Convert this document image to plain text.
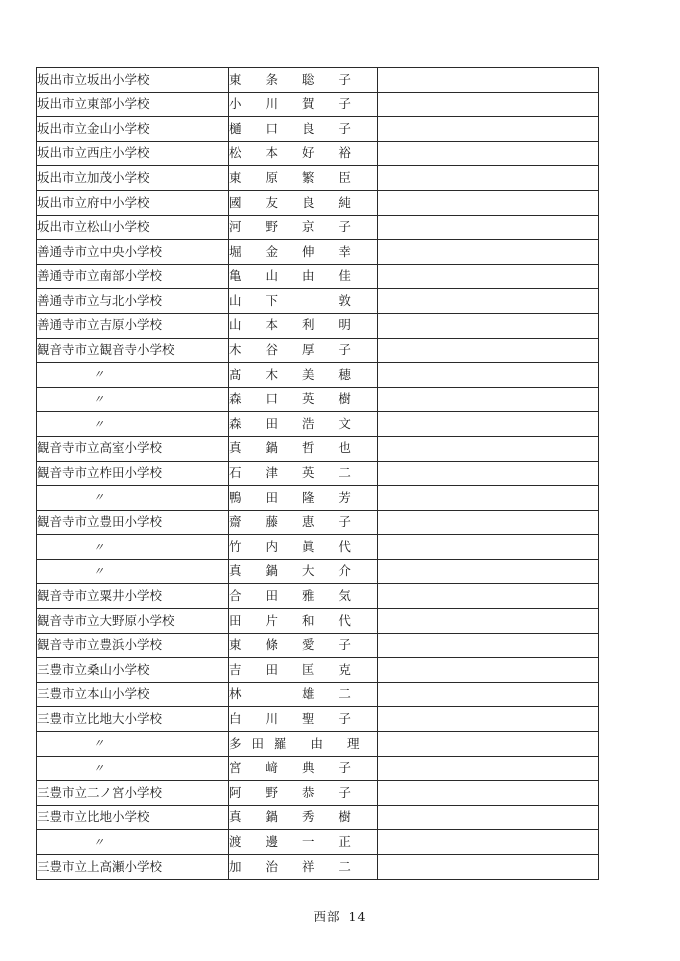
坂出市立坂出小学校	東 条 聡 子	
坂出市立東部小学校	小 川 賀 子	
坂出市立金山小学校	樋 口 良 子	
坂出市立西庄小学校	松 本 好 裕	
坂出市立加茂小学校	東 原 繁 臣	
坂出市立府中小学校	國 友 良 純	
坂出市立松山小学校	河 野 京 子	
善通寺市立中央小学校	堀 金 伸 幸	
善通寺市立南部小学校	亀 山 由 佳	
善通寺市立与北小学校	山 下 　 敦	
善通寺市立吉原小学校	山 本 利 明	
観音寺市立観音寺小学校	木 谷 厚 子	
〃	髙 木 美 穂	
〃	森 口 英 樹	
〃	森 田 浩 文	
観音寺市立高室小学校	真 鍋 哲 也	
観音寺市立柞田小学校	石 津 英 二	
〃	鴨 田 隆 芳	
観音寺市立豊田小学校	齋 藤 恵 子	
〃	竹 内 眞 代	
〃	真 鍋 大 介	
観音寺市立粟井小学校	合 田 雅 気	
観音寺市立大野原小学校	田 片 和 代	
観音寺市立豊浜小学校	東 條 愛 子	
三豊市立桑山小学校	吉 田 匡 克	
三豊市立本山小学校	林 　 雄 二	
三豊市立比地大小学校	白 川 聖 子	
〃	多田羅 由 理	
〃	宮 﨑 典 子	
三豊市立二ノ宮小学校	阿 野 恭 子	
三豊市立比地小学校	真 鍋 秀 樹	
〃	渡 邊 一 正	
三豊市立上高瀬小学校	加 治 祥 二	
西部 14
